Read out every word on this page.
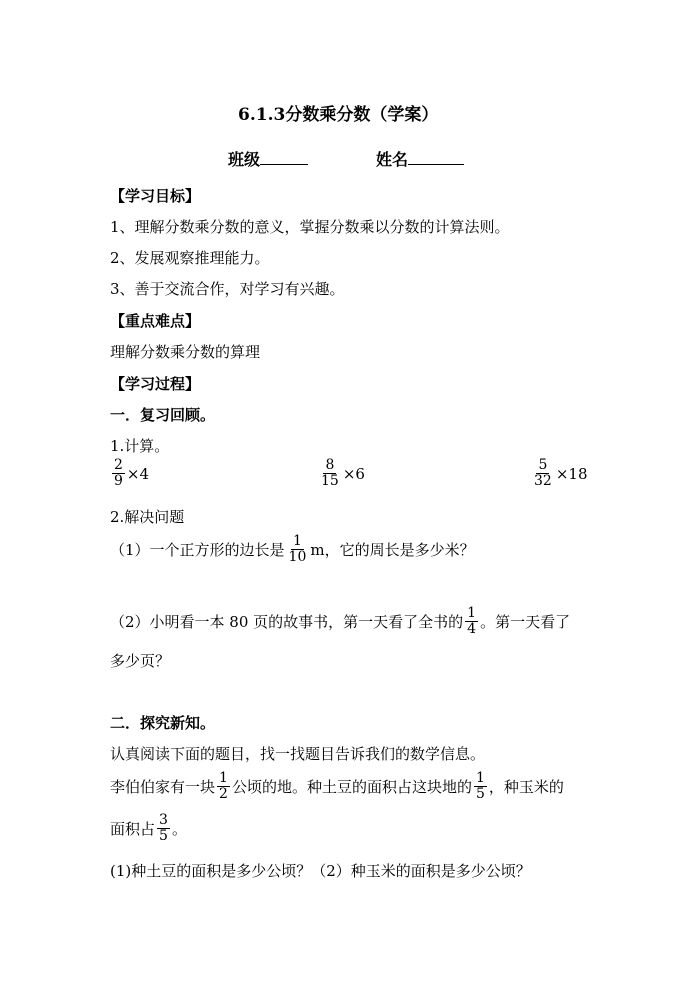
6.1.3分数乘分数（学案）
班级	姓名
【学习目标】
1、理解分数乘分数的意义，掌握分数乘以分数的计算法则。
2、发展观察推理能力。
3、善于交流合作，对学习有兴趣。
【重点难点】
理解分数乘分数的算理
【学习过程】
一．复习回顾。
1.计算。
$\frac{2}{9} \times 4$	$\frac{8}{15} \times 6$	$\frac{5}{32} \times 18$
2.解决问题
（1）一个正方形的边长是 $\frac{1}{10}$ m，它的周长是多少米？
（2）小明看一本 80 页的故事书，第一天看了全书的 $\frac{1}{4}$ 。第一天看了
多少页？
二．探究新知。
认真阅读下面的题目，找一找题目告诉我们的数学信息。
李伯伯家有一块 $\frac{1}{2}$ 公顷的地。种土豆的面积占这块地的 $\frac{1}{5}$ ，种玉米的
面积占 $\frac{3}{5}$ 。
(1)种土豆的面积是多少公顷？（2）种玉米的面积是多少公顷？
